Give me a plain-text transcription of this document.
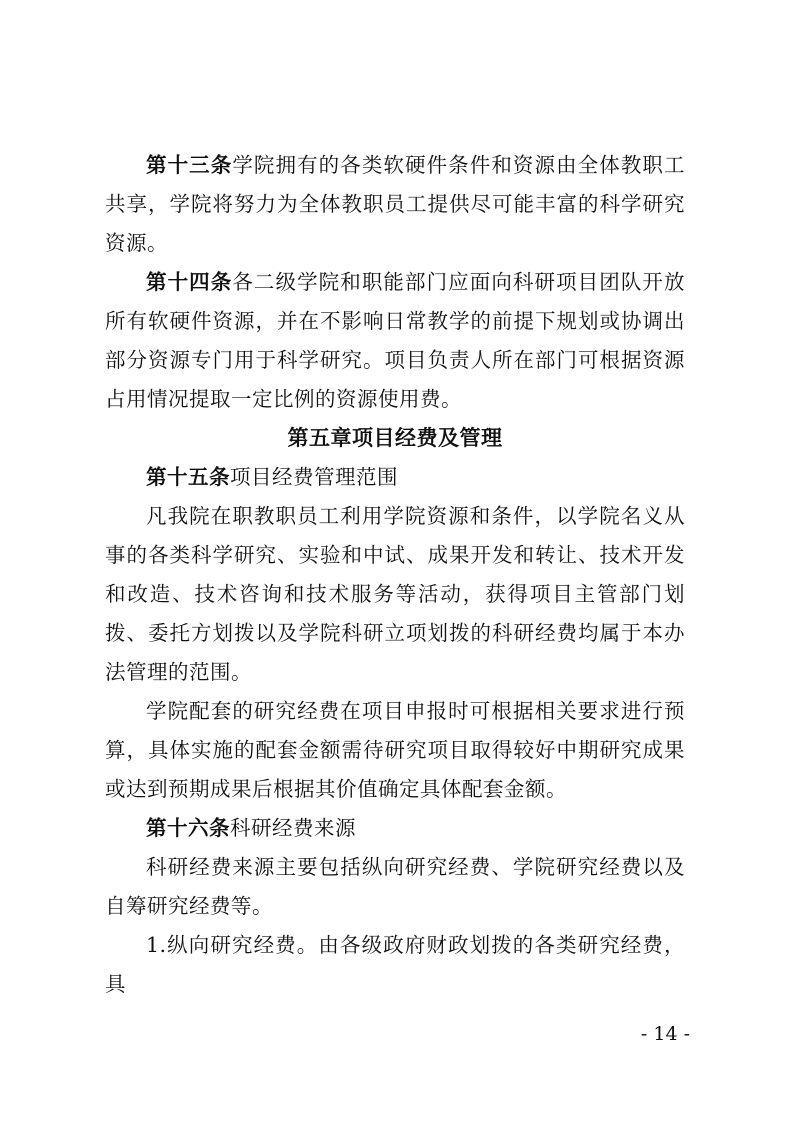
第十三条学院拥有的各类软硬件条件和资源由全体教职工共享，学院将努力为全体教职员工提供尽可能丰富的科学研究资源。

第十四条各二级学院和职能部门应面向科研项目团队开放所有软硬件资源，并在不影响日常教学的前提下规划或协调出部分资源专门用于科学研究。项目负责人所在部门可根据资源占用情况提取一定比例的资源使用费。

第五章项目经费及管理

第十五条项目经费管理范围

凡我院在职教职员工利用学院资源和条件，以学院名义从事的各类科学研究、实验和中试、成果开发和转让、技术开发和改造、技术咨询和技术服务等活动，获得项目主管部门划拨、委托方划拨以及学院科研立项划拨的科研经费均属于本办法管理的范围。

学院配套的研究经费在项目申报时可根据相关要求进行预算，具体实施的配套金额需待研究项目取得较好中期研究成果或达到预期成果后根据其价值确定具体配套金额。

第十六条科研经费来源

科研经费来源主要包括纵向研究经费、学院研究经费以及自筹研究经费等。

1.纵向研究经费。由各级政府财政划拨的各类研究经费，具

- 14 -
